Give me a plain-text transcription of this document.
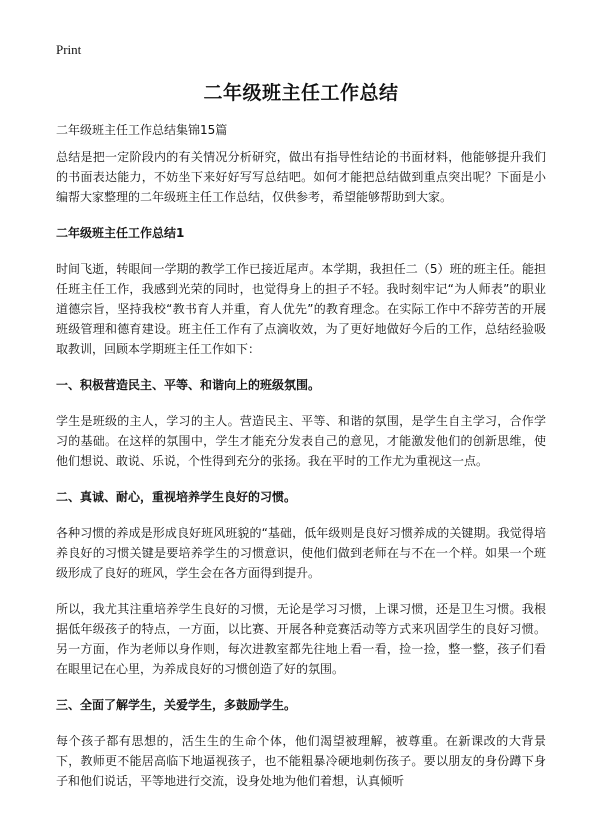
Print
二年级班主任工作总结
二年级班主任工作总结集锦15篇
总结是把一定阶段内的有关情况分析研究，做出有指导性结论的书面材料，他能够提升我们的书面表达能力，不妨坐下来好好写写总结吧。如何才能把总结做到重点突出呢？下面是小编帮大家整理的二年级班主任工作总结，仅供参考，希望能够帮助到大家。
二年级班主任工作总结1
时间飞逝，转眼间一学期的教学工作已接近尾声。本学期，我担任二（5）班的班主任。能担任班主任工作，我感到光荣的同时，也觉得身上的担子不轻。我时刻牢记“为人师表”的职业道德宗旨，坚持我校“教书育人并重，育人优先”的教育理念。在实际工作中不辞劳苦的开展班级管理和德育建设。班主任工作有了点滴收效，为了更好地做好今后的工作，总结经验吸取教训，回顾本学期班主任工作如下：
一、积极营造民主、平等、和谐向上的班级氛围。
学生是班级的主人，学习的主人。营造民主、平等、和谐的氛围，是学生自主学习，合作学习的基础。在这样的氛围中，学生才能充分发表自己的意见，才能激发他们的创新思维，使他们想说、敢说、乐说，个性得到充分的张扬。我在平时的工作尤为重视这一点。
二、真诚、耐心，重视培养学生良好的习惯。
各种习惯的养成是形成良好班风班貌的“基础，低年级则是良好习惯养成的关键期。我觉得培养良好的习惯关键是要培养学生的习惯意识，使他们做到老师在与不在一个样。如果一个班级形成了良好的班风，学生会在各方面得到提升。
所以，我尤其注重培养学生良好的习惯，无论是学习习惯，上课习惯，还是卫生习惯。我根据低年级孩子的特点，一方面，以比赛、开展各种竞赛活动等方式来巩固学生的良好习惯。另一方面，作为老师以身作则，每次进教室都先往地上看一看，捡一捡，整一整，孩子们看在眼里记在心里，为养成良好的习惯创造了好的氛围。
三、全面了解学生，关爱学生，多鼓励学生。
每个孩子都有思想的，活生生的生命个体，他们渴望被理解，被尊重。在新课改的大背景下，教师更不能居高临下地逼视孩子，也不能粗暴冷硬地刺伤孩子。要以朋友的身份蹲下身子和他们说话，平等地进行交流，设身处地为他们着想，认真倾听
